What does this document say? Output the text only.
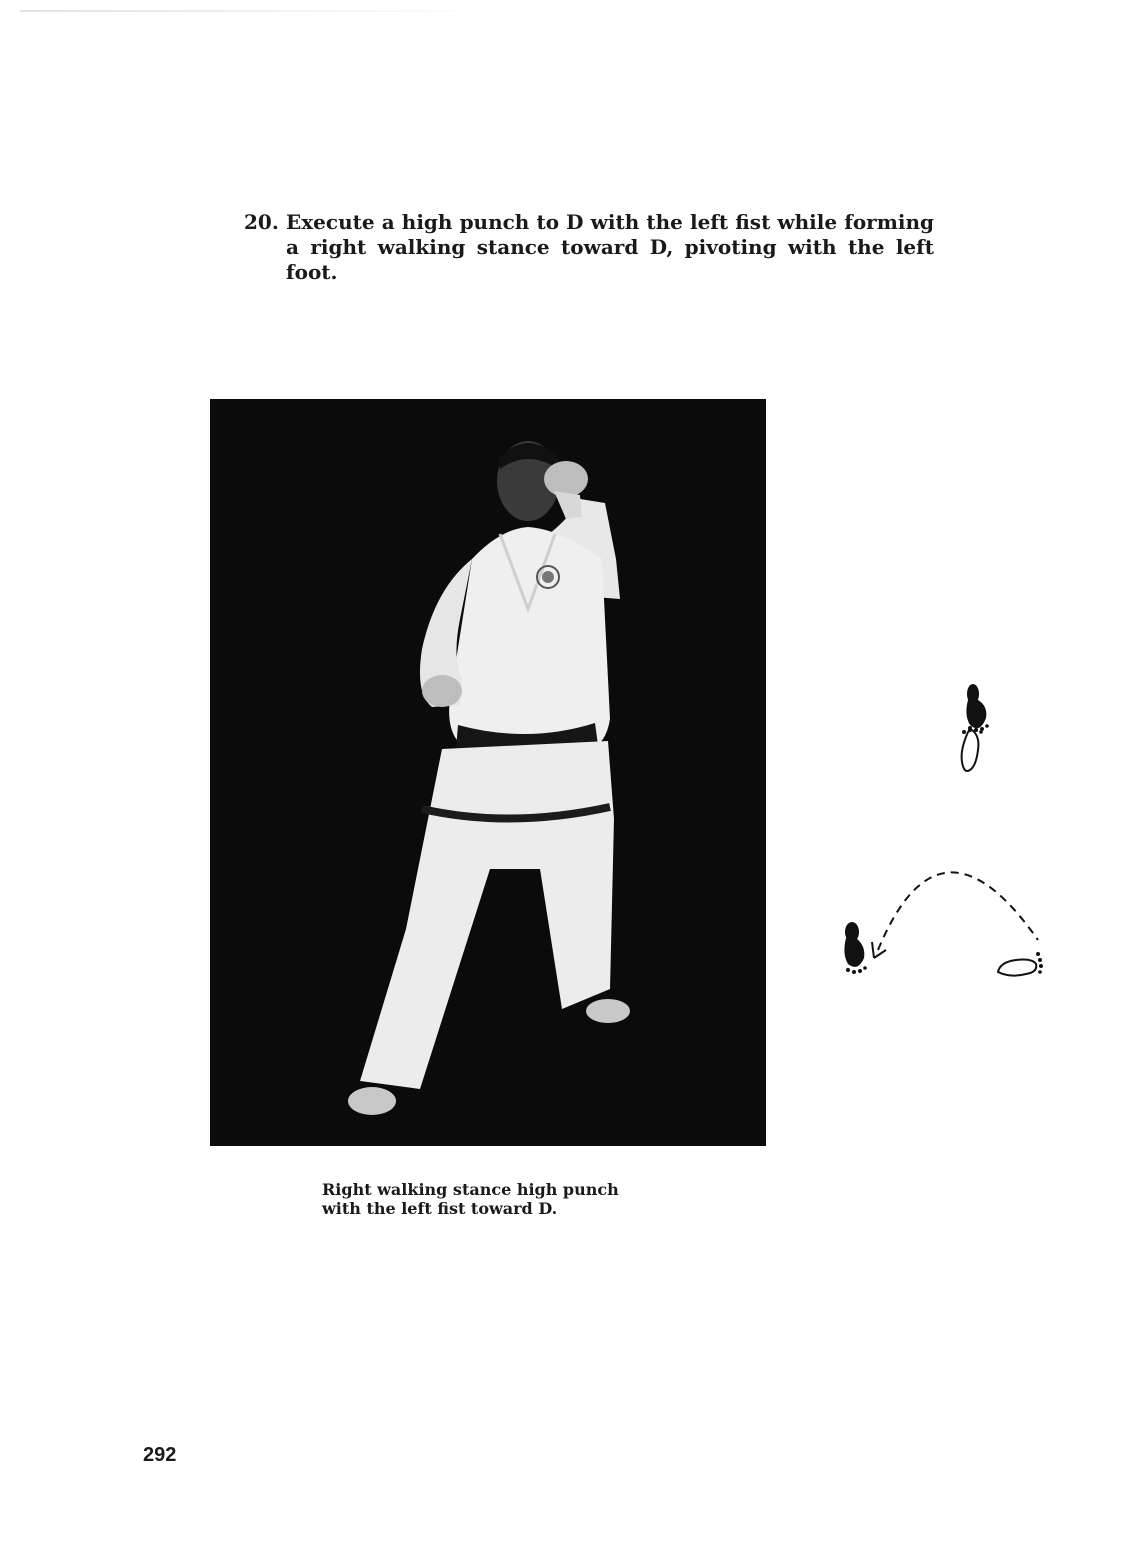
20. Execute a high punch to D with the left fist while forming a right walking stance toward D, pivoting with the left foot.
Right walking stance high punch
with the left fist toward D.
292
